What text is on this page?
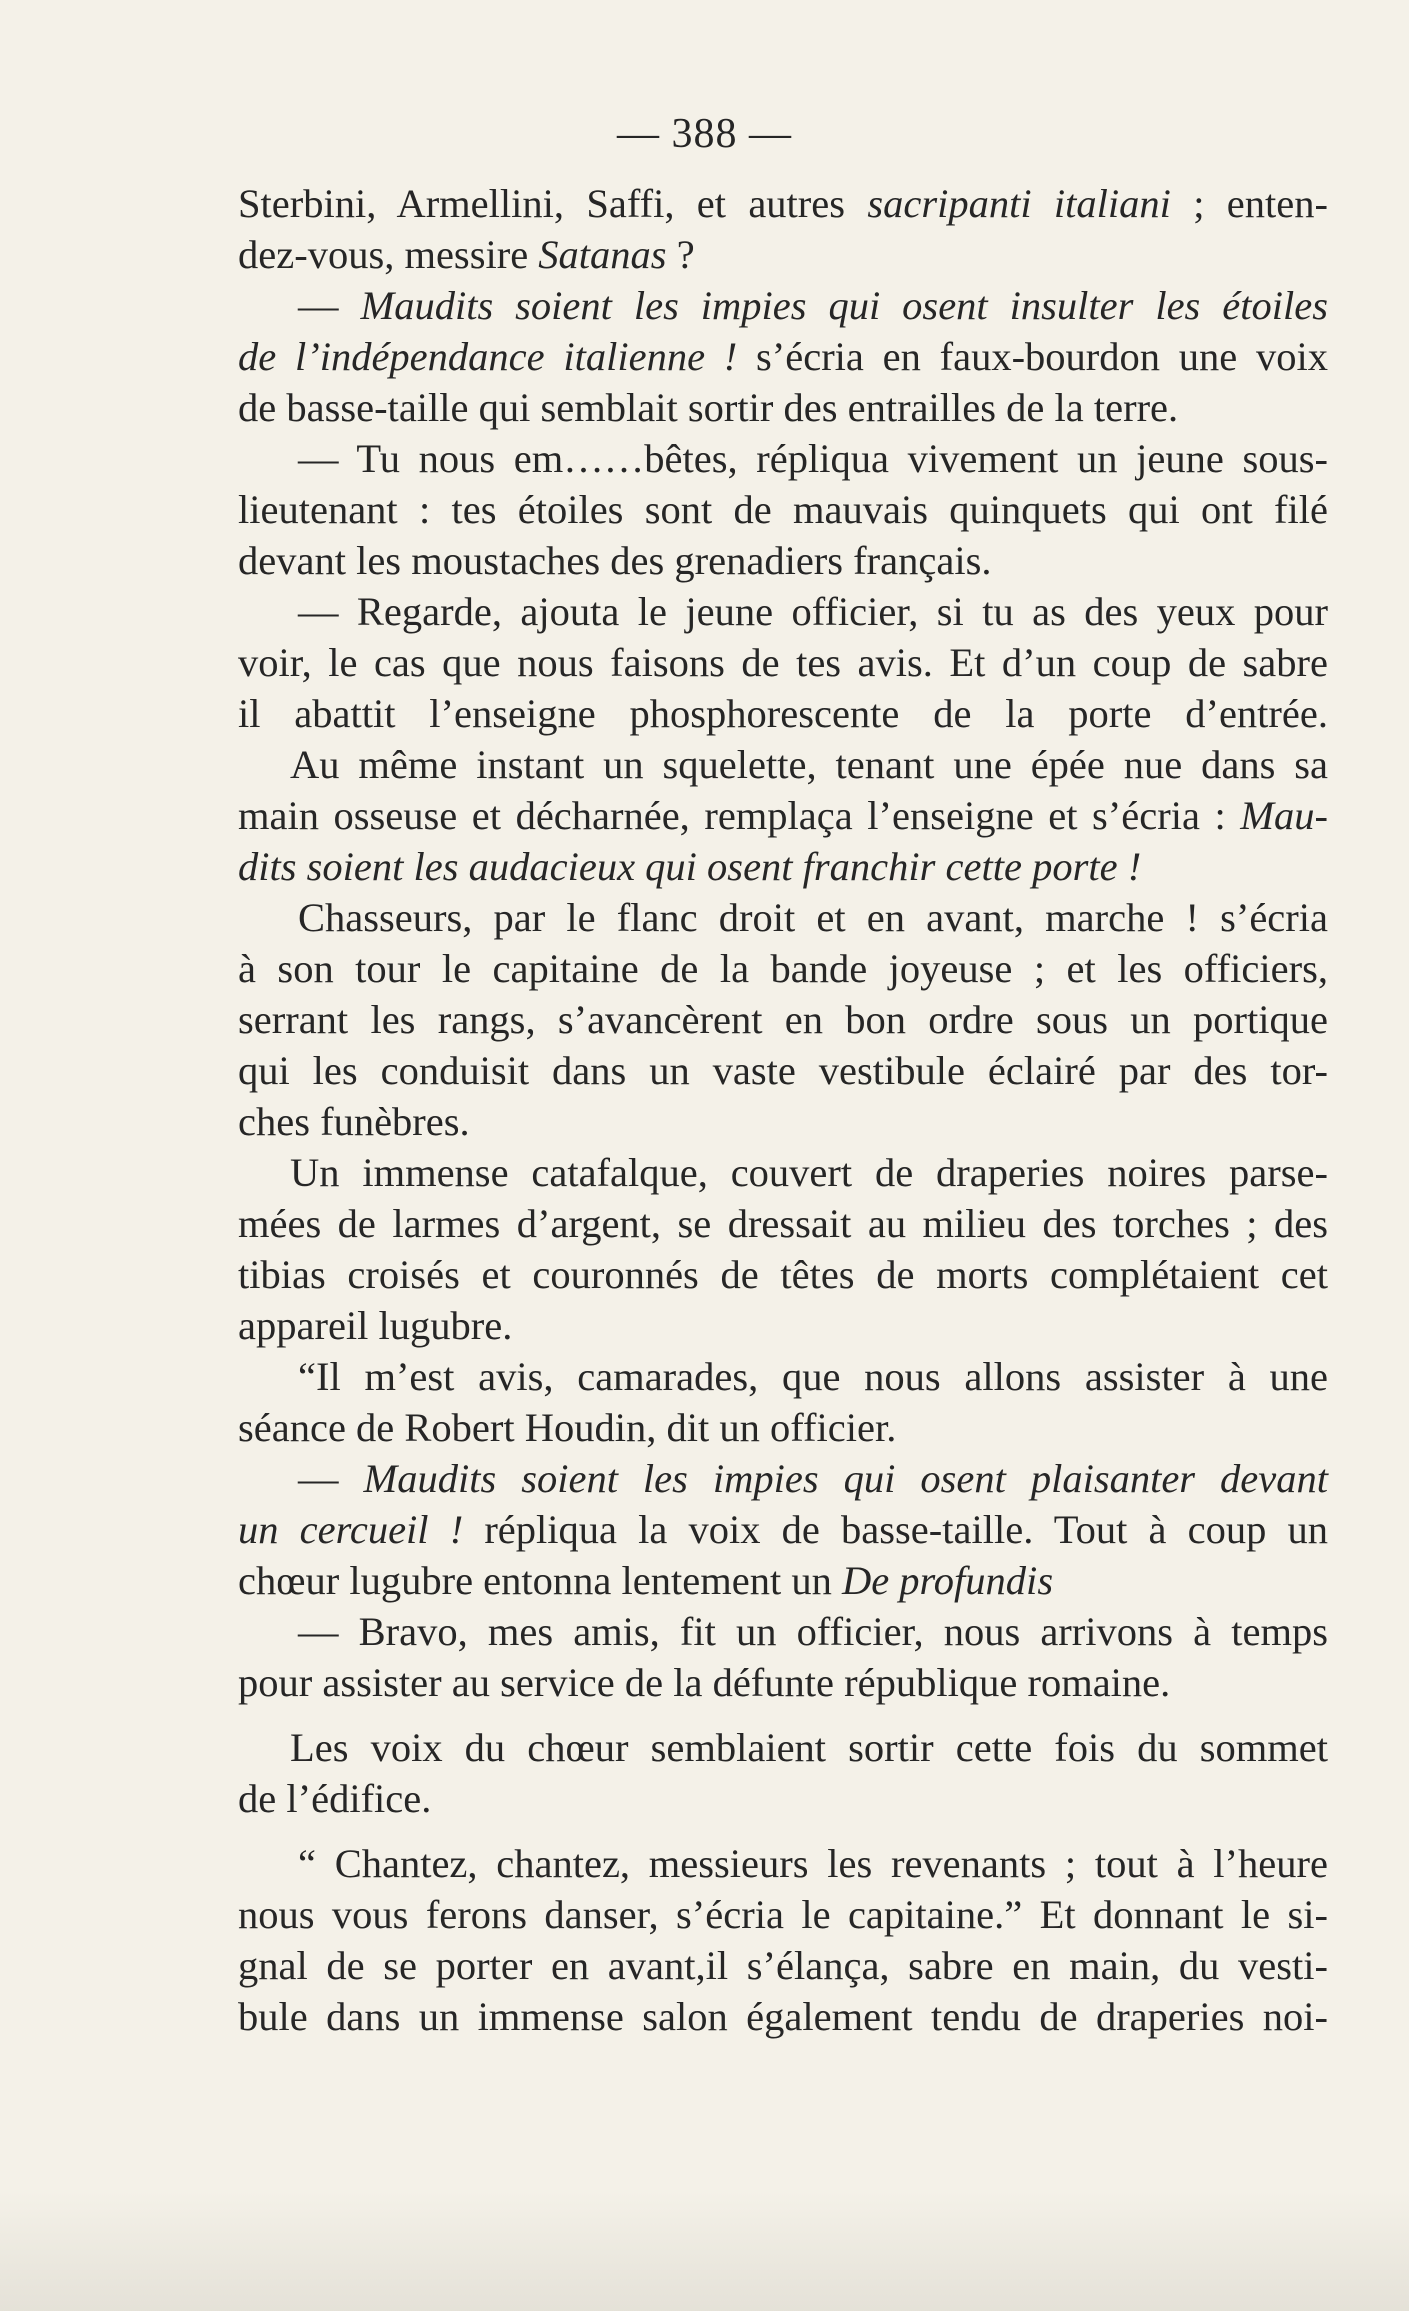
— 388 —
Sterbini, Armellini, Saffi, et autres sacripanti italiani ; enten-
dez-vous, messire Satanas ?
— Maudits soient les impies qui osent insulter les étoiles
de l’indépendance italienne ! s’écria en faux-bourdon une voix
de basse-taille qui semblait sortir des entrailles de la terre.
— Tu nous em……bêtes, répliqua vivement un jeune sous-
lieutenant : tes étoiles sont de mauvais quinquets qui ont filé
devant les moustaches des grenadiers français.
— Regarde, ajouta le jeune officier, si tu as des yeux pour
voir, le cas que nous faisons de tes avis. Et d’un coup de sabre
il abattit l’enseigne phosphorescente de la porte d’entrée.
Au même instant un squelette, tenant une épée nue dans sa
main osseuse et décharnée, remplaça l’enseigne et s’écria : Mau-
dits soient les audacieux qui osent franchir cette porte !
Chasseurs, par le flanc droit et en avant, marche ! s’écria
à son tour le capitaine de la bande joyeuse ; et les officiers,
serrant les rangs, s’avancèrent en bon ordre sous un portique
qui les conduisit dans un vaste vestibule éclairé par des tor-
ches funèbres.
Un immense catafalque, couvert de draperies noires parse-
mées de larmes d’argent, se dressait au milieu des torches ; des
tibias croisés et couronnés de têtes de morts complétaient cet
appareil lugubre.
“Il m’est avis, camarades, que nous allons assister à une
séance de Robert Houdin, dit un officier.
— Maudits soient les impies qui osent plaisanter devant
un cercueil ! répliqua la voix de basse-taille. Tout à coup un
chœur lugubre entonna lentement un De profundis
— Bravo, mes amis, fit un officier, nous arrivons à temps
pour assister au service de la défunte république romaine.
Les voix du chœur semblaient sortir cette fois du sommet
de l’édifice.
“ Chantez, chantez, messieurs les revenants ; tout à l’heure
nous vous ferons danser, s’écria le capitaine.” Et donnant le si-
gnal de se porter en avant,il s’élança, sabre en main, du vesti-
bule dans un immense salon également tendu de draperies noi-
